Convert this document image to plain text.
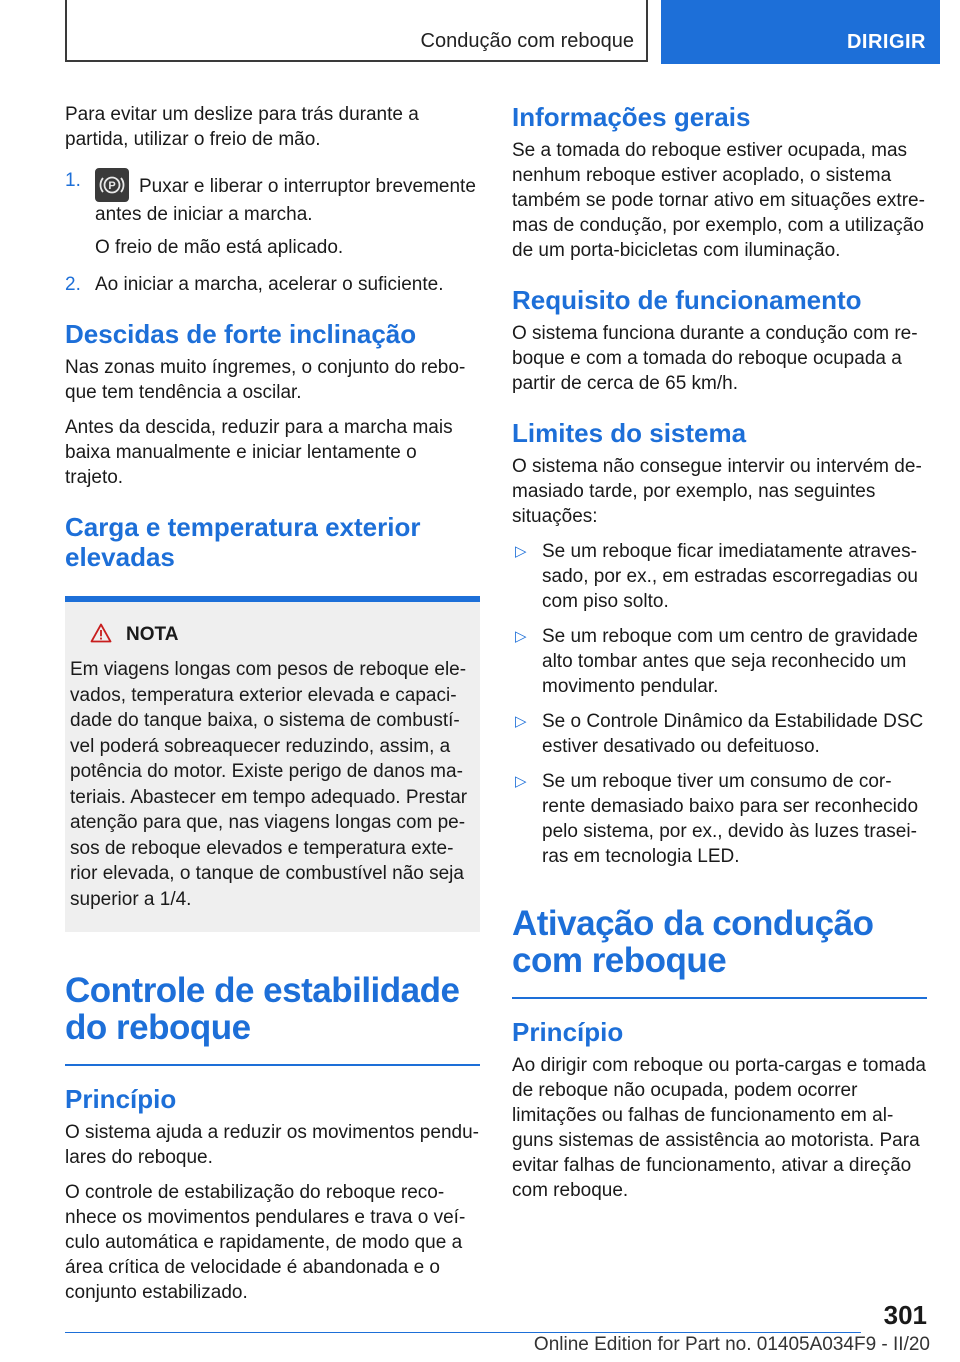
Condução com reboque	DIRIGIR

Para evitar um deslize para trás durante a partida, utilizar o freio de mão.

1. P Puxar e liberar o interruptor brevemente antes de iniciar a marcha.
O freio de mão está aplicado.
2. Ao iniciar a marcha, acelerar o suficiente.
Descidas de forte inclinação

Nas zonas muito íngremes, o conjunto do reboque tem tendência a oscilar.

Antes da descida, reduzir para a marcha mais baixa manualmente e iniciar lentamente o trajeto.

Carga e temperatura exterior elevadas
NOTA

Em viagens longas com pesos de reboque elevados, temperatura exterior elevada e capacidade do tanque baixa, o sistema de combustível poderá sobreaquecer reduzindo, assim, a potência do motor. Existe perigo de danos materiais. Abastecer em tempo adequado. Prestar atenção para que, nas viagens longas com pesos de reboque elevados e temperatura exterior elevada, o tanque de combustível não seja superior a 1/4.

Controle de estabilidade do reboque
Princípio

O sistema ajuda a reduzir os movimentos pendulares do reboque.

O controle de estabilização do reboque reconhece os movimentos pendulares e trava o veículo automática e rapidamente, de modo que a área crítica de velocidade é abandonada e o conjunto estabilizado.

Informações gerais

Se a tomada do reboque estiver ocupada, mas nenhum reboque estiver acoplado, o sistema também se pode tornar ativo em situações extremas de condução, por exemplo, com a utilização de um porta-bicicletas com iluminação.

Requisito de funcionamento

O sistema funciona durante a condução com reboque e com a tomada do reboque ocupada a partir de cerca de 65 km/h.

Limites do sistema

O sistema não consegue intervir ou intervém demasiado tarde, por exemplo, nas seguintes situações:

▷ Se um reboque ficar imediatamente atravessado, por ex., em estradas escorregadias ou com piso solto.
▷ Se um reboque com um centro de gravidade alto tombar antes que seja reconhecido um movimento pendular.
▷ Se o Controle Dinâmico da Estabilidade DSC estiver desativado ou defeituoso.
▷ Se um reboque tiver um consumo de corrente demasiado baixo para ser reconhecido pelo sistema, por ex., devido às luzes traseiras em tecnologia LED.
Ativação da condução com reboque
Princípio

Ao dirigir com reboque ou porta-cargas e tomada de reboque não ocupada, podem ocorrer limitações ou falhas de funcionamento em alguns sistemas de assistência ao motorista. Para evitar falhas de funcionamento, ativar a direção com reboque.

301
Online Edition for Part no. 01405A034F9 - II/20
